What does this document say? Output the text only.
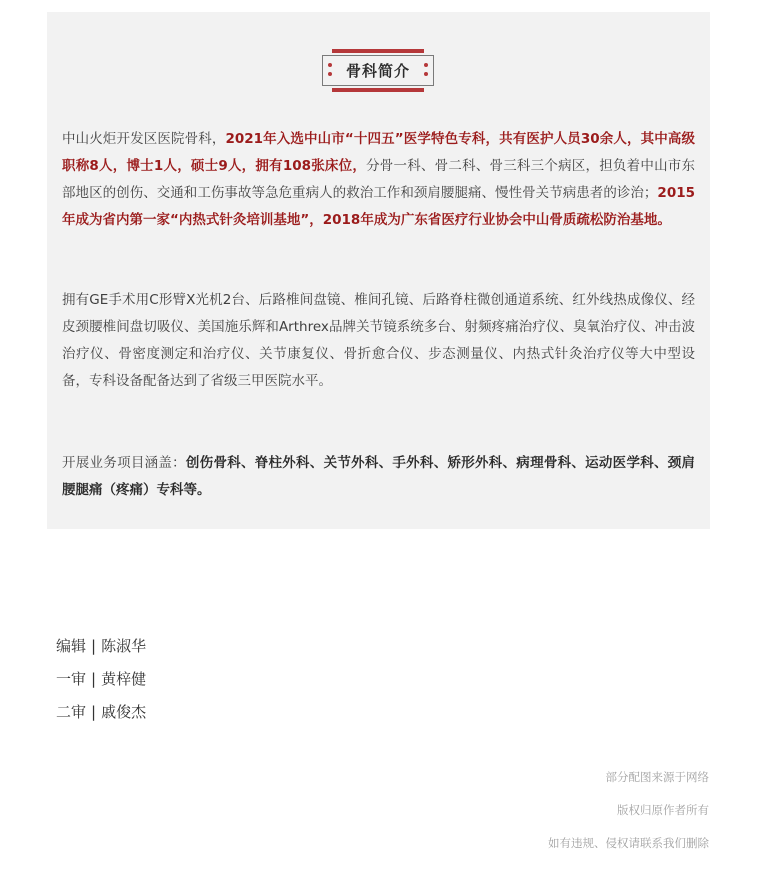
骨科简介

中山火炬开发区医院骨科，2021年入选中山市“十四五”医学特色专科，共有医护人员30余人，其中高级职称8人，博士1人，硕士9人，拥有108张床位，分骨一科、骨二科、骨三科三个病区，担负着中山市东部地区的创伤、交通和工伤事故等急危重病人的救治工作和颈肩腰腿痛、慢性骨关节病患者的诊治；2015年成为省内第一家“内热式针灸培训基地”，2018年成为广东省医疗行业协会中山骨质疏松防治基地。

拥有GE手术用C形臂X光机2台、后路椎间盘镜、椎间孔镜、后路脊柱微创通道系统、红外线热成像仪、经皮颈腰椎间盘切吸仪、美国施乐辉和Arthrex品牌关节镜系统多台、射频疼痛治疗仪、臭氧治疗仪、冲击波治疗仪、骨密度测定和治疗仪、关节康复仪、骨折愈合仪、步态测量仪、内热式针灸治疗仪等大中型设备，专科设备配备达到了省级三甲医院水平。

开展业务项目涵盖：创伤骨科、脊柱外科、关节外科、手外科、矫形外科、病理骨科、运动医学科、颈肩腰腿痛（疼痛）专科等。

编辑 | 陈淑华

一审 | 黄梓健

二审 | 戚俊杰

部分配图来源于网络

版权归原作者所有

如有违规、侵权请联系我们删除
